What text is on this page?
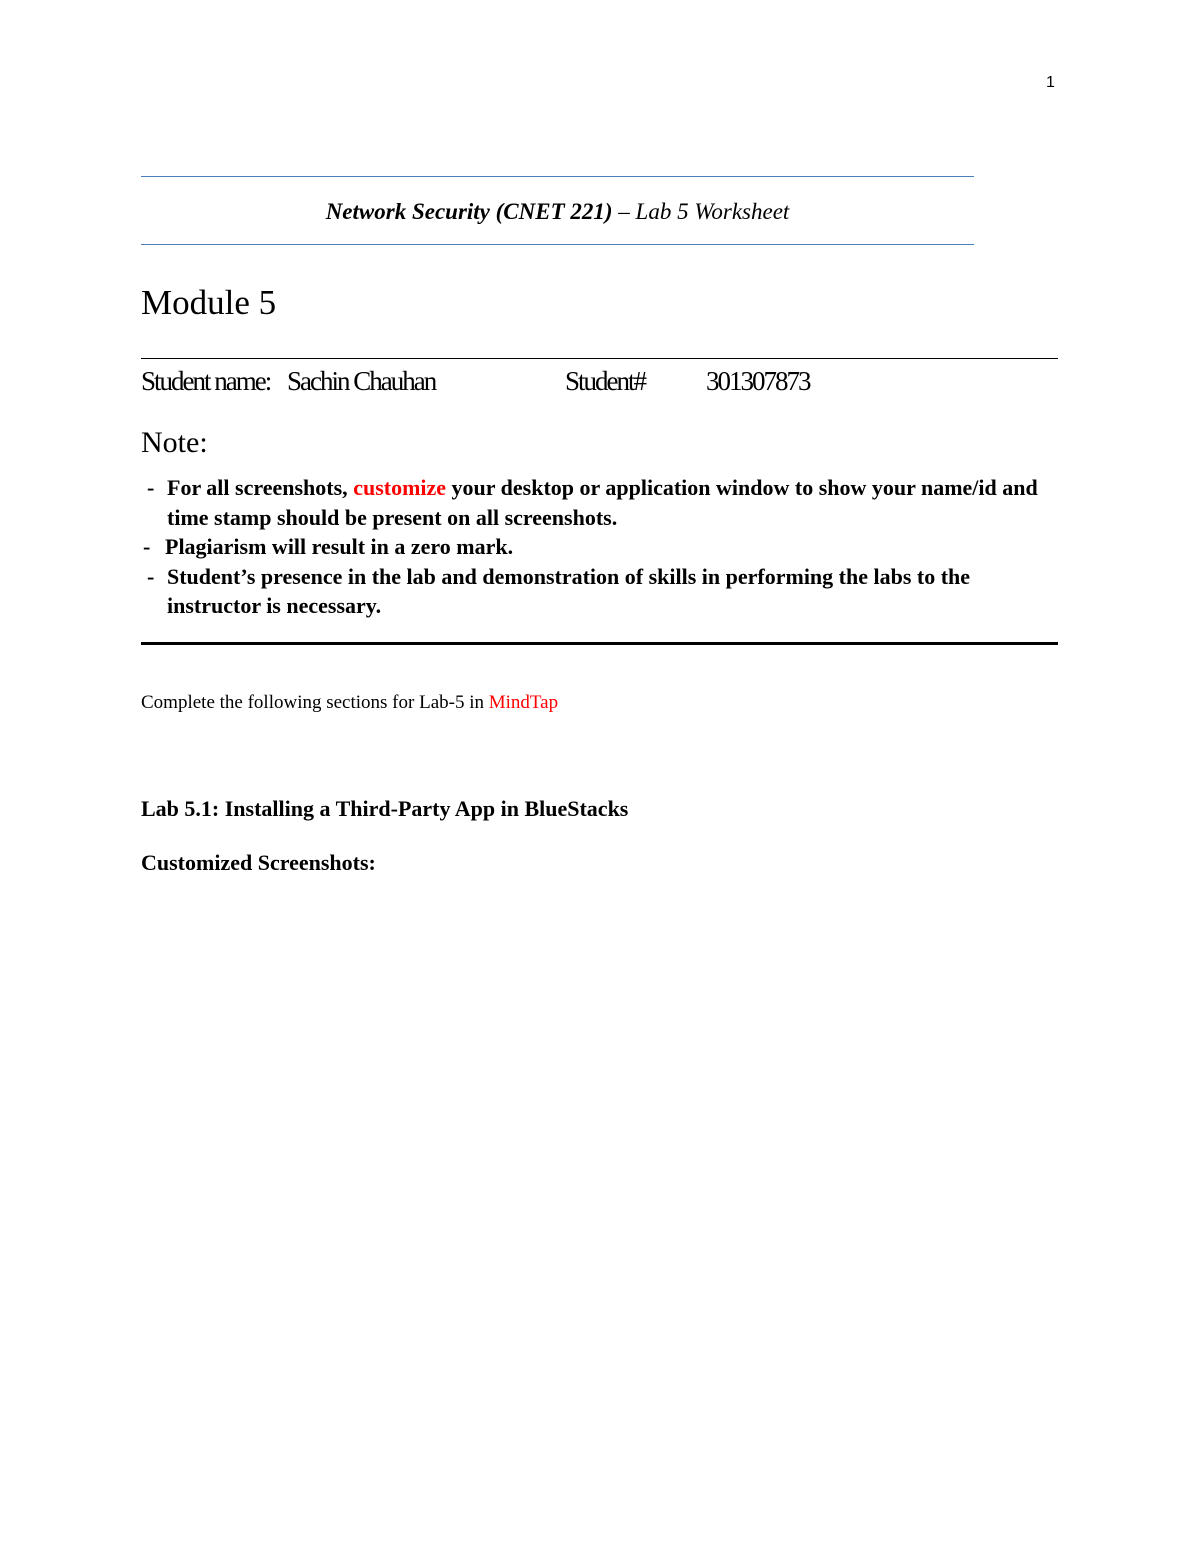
1
Network Security (CNET 221) – Lab 5 Worksheet
Module 5
Student name: Sachin Chauhan	Student# 301307873
Note:
- For all screenshots, customize your desktop or application window to show your name/id and time stamp should be present on all screenshots.
- Plagiarism will result in a zero mark.
- Student’s presence in the lab and demonstration of skills in performing the labs to the instructor is necessary.
Complete the following sections for Lab-5 in MindTap
Lab 5.1: Installing a Third-Party App in BlueStacks
Customized Screenshots:
